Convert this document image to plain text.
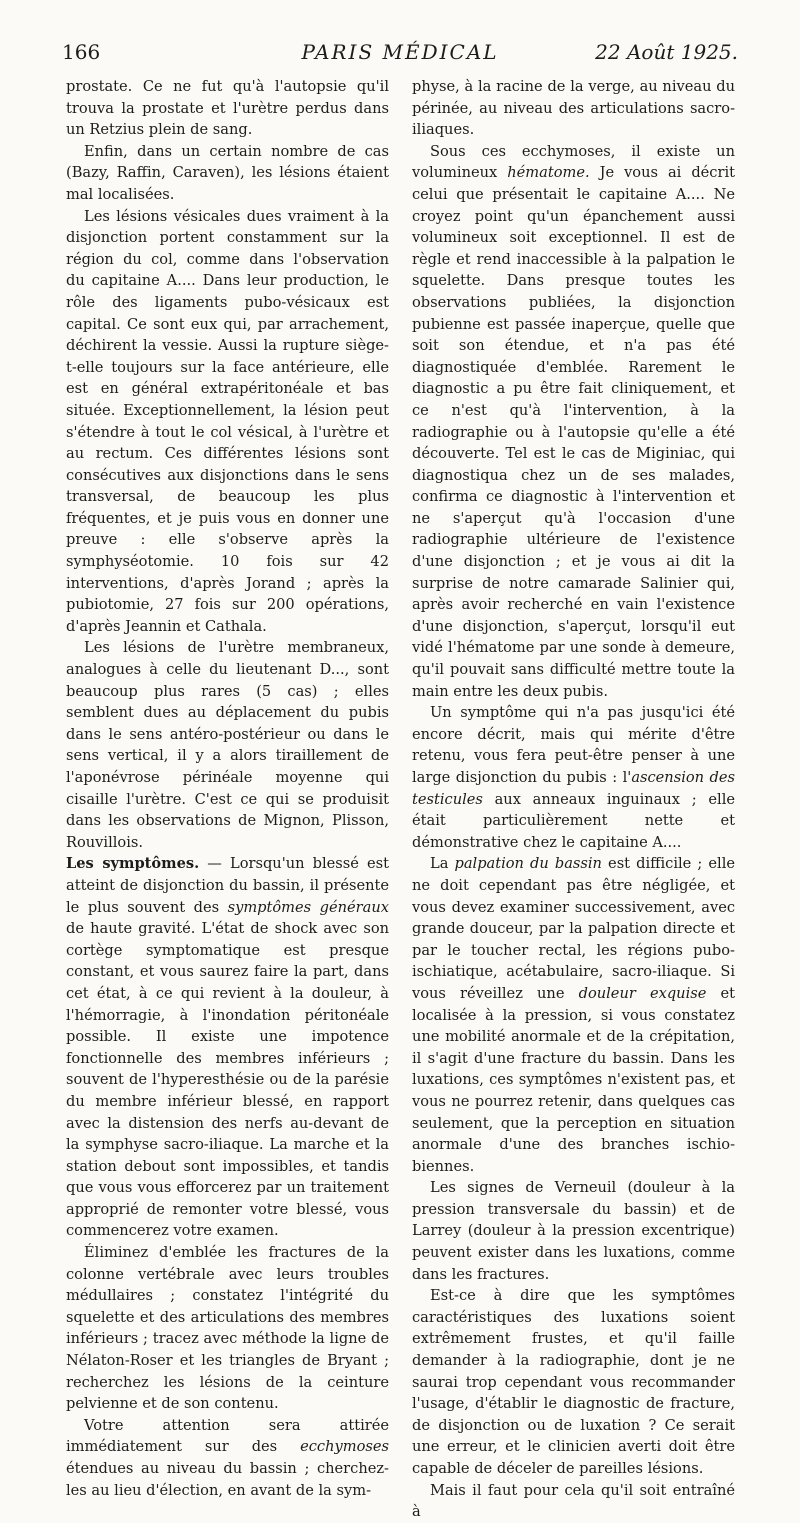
166	PARIS MÉDICAL	22 Août 1925.

prostate. Ce ne fut qu'à l'autopsie qu'il trouva la prostate et l'urètre perdus dans un Retzius plein de sang.

Enfin, dans un certain nombre de cas (Bazy, Raffin, Caraven), les lésions étaient mal localisées.

Les lésions vésicales dues vraiment à la disjonction portent constamment sur la région du col, comme dans l'observation du capitaine A.... Dans leur production, le rôle des ligaments pubo-vésicaux est capital. Ce sont eux qui, par arrachement, déchirent la vessie. Aussi la rupture siège-t-elle toujours sur la face antérieure, elle est en général extrapéritonéale et bas située. Exceptionnellement, la lésion peut s'étendre à tout le col vésical, à l'urètre et au rectum. Ces différentes lésions sont consécutives aux disjonctions dans le sens transversal, de beaucoup les plus fréquentes, et je puis vous en donner une preuve : elle s'observe après la symphyséotomie. 10 fois sur 42 interventions, d'après Jorand ; après la pubiotomie, 27 fois sur 200 opérations, d'après Jeannin et Cathala.

Les lésions de l'urètre membraneux, analogues à celle du lieutenant D..., sont beaucoup plus rares (5 cas) ; elles semblent dues au déplacement du pubis dans le sens antéro-postérieur ou dans le sens vertical, il y a alors tiraillement de l'aponévrose périnéale moyenne qui cisaille l'urètre. C'est ce qui se produisit dans les observations de Mignon, Plisson, Rouvillois.

Les symptômes. — Lorsqu'un blessé est atteint de disjonction du bassin, il présente le plus souvent des symptômes généraux de haute gravité. L'état de shock avec son cortège symptomatique est presque constant, et vous saurez faire la part, dans cet état, à ce qui revient à la douleur, à l'hémorragie, à l'inondation péritonéale possible. Il existe une impotence fonctionnelle des membres inférieurs ; souvent de l'hyperesthésie ou de la parésie du membre inférieur blessé, en rapport avec la distension des nerfs au-devant de la symphyse sacro-iliaque. La marche et la station debout sont impossibles, et tandis que vous vous efforcerez par un traitement approprié de remonter votre blessé, vous commencerez votre examen.

Éliminez d'emblée les fractures de la colonne vertébrale avec leurs troubles médullaires ; constatez l'intégrité du squelette et des articulations des membres inférieurs ; tracez avec méthode la ligne de Nélaton-Roser et les triangles de Bryant ; recherchez les lésions de la ceinture pelvienne et de son contenu.

Votre attention sera attirée immédiatement sur des ecchymoses étendues au niveau du bassin ; cherchez-les au lieu d'élection, en avant de la sym-

physe, à la racine de la verge, au niveau du périnée, au niveau des articulations sacro-iliaques.

Sous ces ecchymoses, il existe un volumineux hématome. Je vous ai décrit celui que présentait le capitaine A.... Ne croyez point qu'un épanchement aussi volumineux soit exceptionnel. Il est de règle et rend inaccessible à la palpation le squelette. Dans presque toutes les observations publiées, la disjonction pubienne est passée inaperçue, quelle que soit son étendue, et n'a pas été diagnostiquée d'emblée. Rarement le diagnostic a pu être fait cliniquement, et ce n'est qu'à l'intervention, à la radiographie ou à l'autopsie qu'elle a été découverte. Tel est le cas de Miginiac, qui diagnostiqua chez un de ses malades, confirma ce diagnostic à l'intervention et ne s'aperçut qu'à l'occasion d'une radiographie ultérieure de l'existence d'une disjonction ; et je vous ai dit la surprise de notre camarade Salinier qui, après avoir recherché en vain l'existence d'une disjonction, s'aperçut, lorsqu'il eut vidé l'hématome par une sonde à demeure, qu'il pouvait sans difficulté mettre toute la main entre les deux pubis.

Un symptôme qui n'a pas jusqu'ici été encore décrit, mais qui mérite d'être retenu, vous fera peut-être penser à une large disjonction du pubis : l'ascension des testicules aux anneaux inguinaux ; elle était particulièrement nette et démonstrative chez le capitaine A....

La palpation du bassin est difficile ; elle ne doit cependant pas être négligée, et vous devez examiner successivement, avec grande douceur, par la palpation directe et par le toucher rectal, les régions pubo-ischiatique, acétabulaire, sacro-iliaque. Si vous réveillez une douleur exquise et localisée à la pression, si vous constatez une mobilité anormale et de la crépitation, il s'agit d'une fracture du bassin. Dans les luxations, ces symptômes n'existent pas, et vous ne pourrez retenir, dans quelques cas seulement, que la perception en situation anormale d'une des branches ischio-biennes.

Les signes de Verneuil (douleur à la pression transversale du bassin) et de Larrey (douleur à la pression excentrique) peuvent exister dans les luxations, comme dans les fractures.

Est-ce à dire que les symptômes caractéristiques des luxations soient extrêmement frustes, et qu'il faille demander à la radiographie, dont je ne saurai trop cependant vous recommander l'usage, d'établir le diagnostic de fracture, de disjonction ou de luxation ? Ce serait une erreur, et le clinicien averti doit être capable de déceler de pareilles lésions.

Mais il faut pour cela qu'il soit entraîné à
